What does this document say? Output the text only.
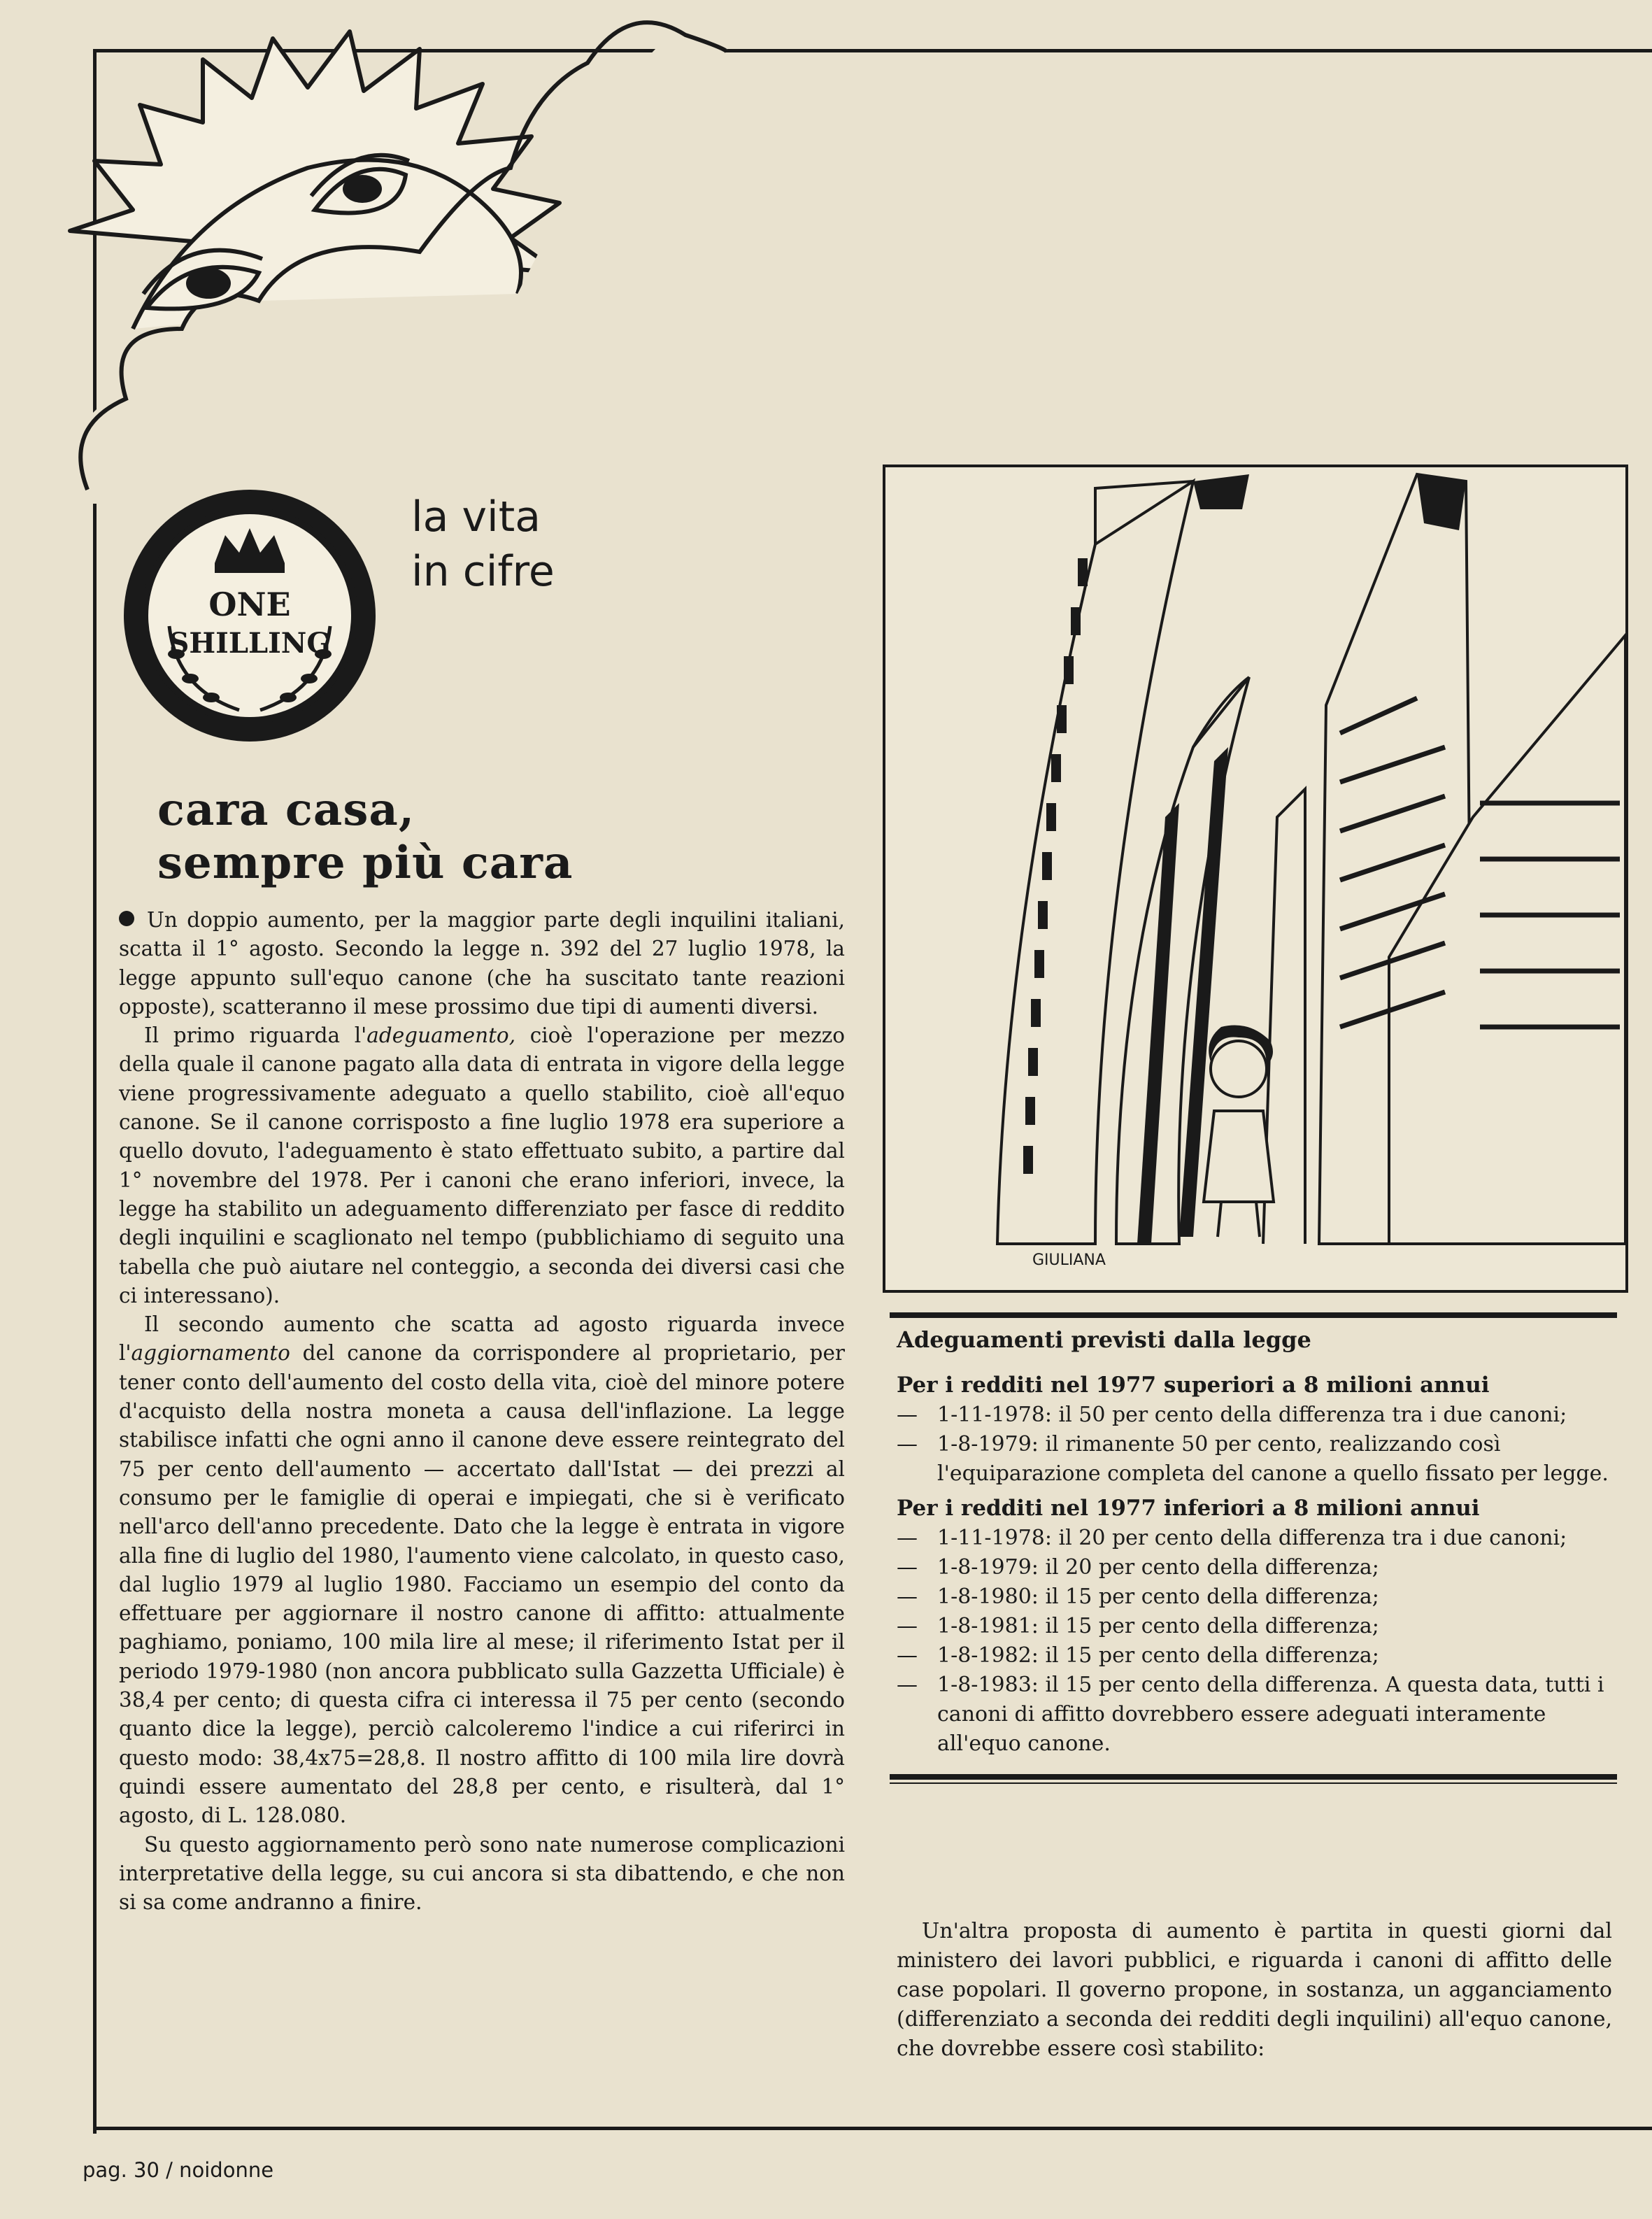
ONE
SHILLING
la vita
in cifre
cara casa,
sempre più cara

Un doppio aumento, per la maggior parte degli inquilini italiani, scatta il 1° agosto. Secondo la legge n. 392 del 27 luglio 1978, la legge appunto sull'equo canone (che ha suscitato tante reazioni opposte), scatteranno il mese prossimo due tipi di aumenti diversi.

Il primo riguarda l'adeguamento, cioè l'operazione per mezzo della quale il canone pagato alla data di entrata in vigore della legge viene progressivamente adeguato a quello stabilito, cioè all'equo canone. Se il canone corrisposto a fine luglio 1978 era superiore a quello dovuto, l'adeguamento è stato effettuato subito, a partire dal 1° novembre del 1978. Per i canoni che erano inferiori, invece, la legge ha stabilito un adeguamento differenziato per fasce di reddito degli inquilini e scaglionato nel tempo (pubblichiamo di seguito una tabella che può aiutare nel conteggio, a seconda dei diversi casi che ci interessano).

Il secondo aumento che scatta ad agosto riguarda invece l'aggiornamento del canone da corrispondere al proprietario, per tener conto dell'aumento del costo della vita, cioè del minore potere d'acquisto della nostra moneta a causa dell'inflazione. La legge stabilisce infatti che ogni anno il canone deve essere reintegrato del 75 per cento dell'aumento — accertato dall'Istat — dei prezzi al consumo per le famiglie di operai e impiegati, che si è verificato nell'arco dell'anno precedente. Dato che la legge è entrata in vigore alla fine di luglio del 1980, l'aumento viene calcolato, in questo caso, dal luglio 1979 al luglio 1980. Facciamo un esempio del conto da effettuare per aggiornare il nostro canone di affitto: attualmente paghiamo, poniamo, 100 mila lire al mese; il riferimento Istat per il periodo 1979-1980 (non ancora pubblicato sulla Gazzetta Ufficiale) è 38,4 per cento; di questa cifra ci interessa il 75 per cento (secondo quanto dice la legge), perciò calcoleremo l'indice a cui riferirci in questo modo: 38,4x75=28,8. Il nostro affitto di 100 mila lire dovrà quindi essere aumentato del 28,8 per cento, e risulterà, dal 1° agosto, di L. 128.080.

Su questo aggiornamento però sono nate numerose complicazioni interpretative della legge, su cui ancora si sta dibattendo, e che non si sa come andranno a finire.

GIULIANA
Adeguamenti previsti dalla legge
Per i redditi nel 1977 superiori a 8 milioni annui
— 1-11-1978: il 50 per cento della differenza tra i due canoni;
— 1-8-1979: il rimanente 50 per cento, realizzando così l'equiparazione completa del canone a quello fissato per legge.
Per i redditi nel 1977 inferiori a 8 milioni annui
— 1-11-1978: il 20 per cento della differenza tra i due canoni;
— 1-8-1979: il 20 per cento della differenza;
— 1-8-1980: il 15 per cento della differenza;
— 1-8-1981: il 15 per cento della differenza;
— 1-8-1982: il 15 per cento della differenza;
— 1-8-1983: il 15 per cento della differenza. A questa data, tutti i canoni di affitto dovrebbero essere adeguati interamente all'equo canone.

Un'altra proposta di aumento è partita in questi giorni dal ministero dei lavori pubblici, e riguarda i canoni di affitto delle case popolari. Il governo propone, in sostanza, un agganciamento (differenziato a seconda dei redditi degli inquilini) all'equo canone, che dovrebbe essere così stabilito:

pag. 30 / noidonne
